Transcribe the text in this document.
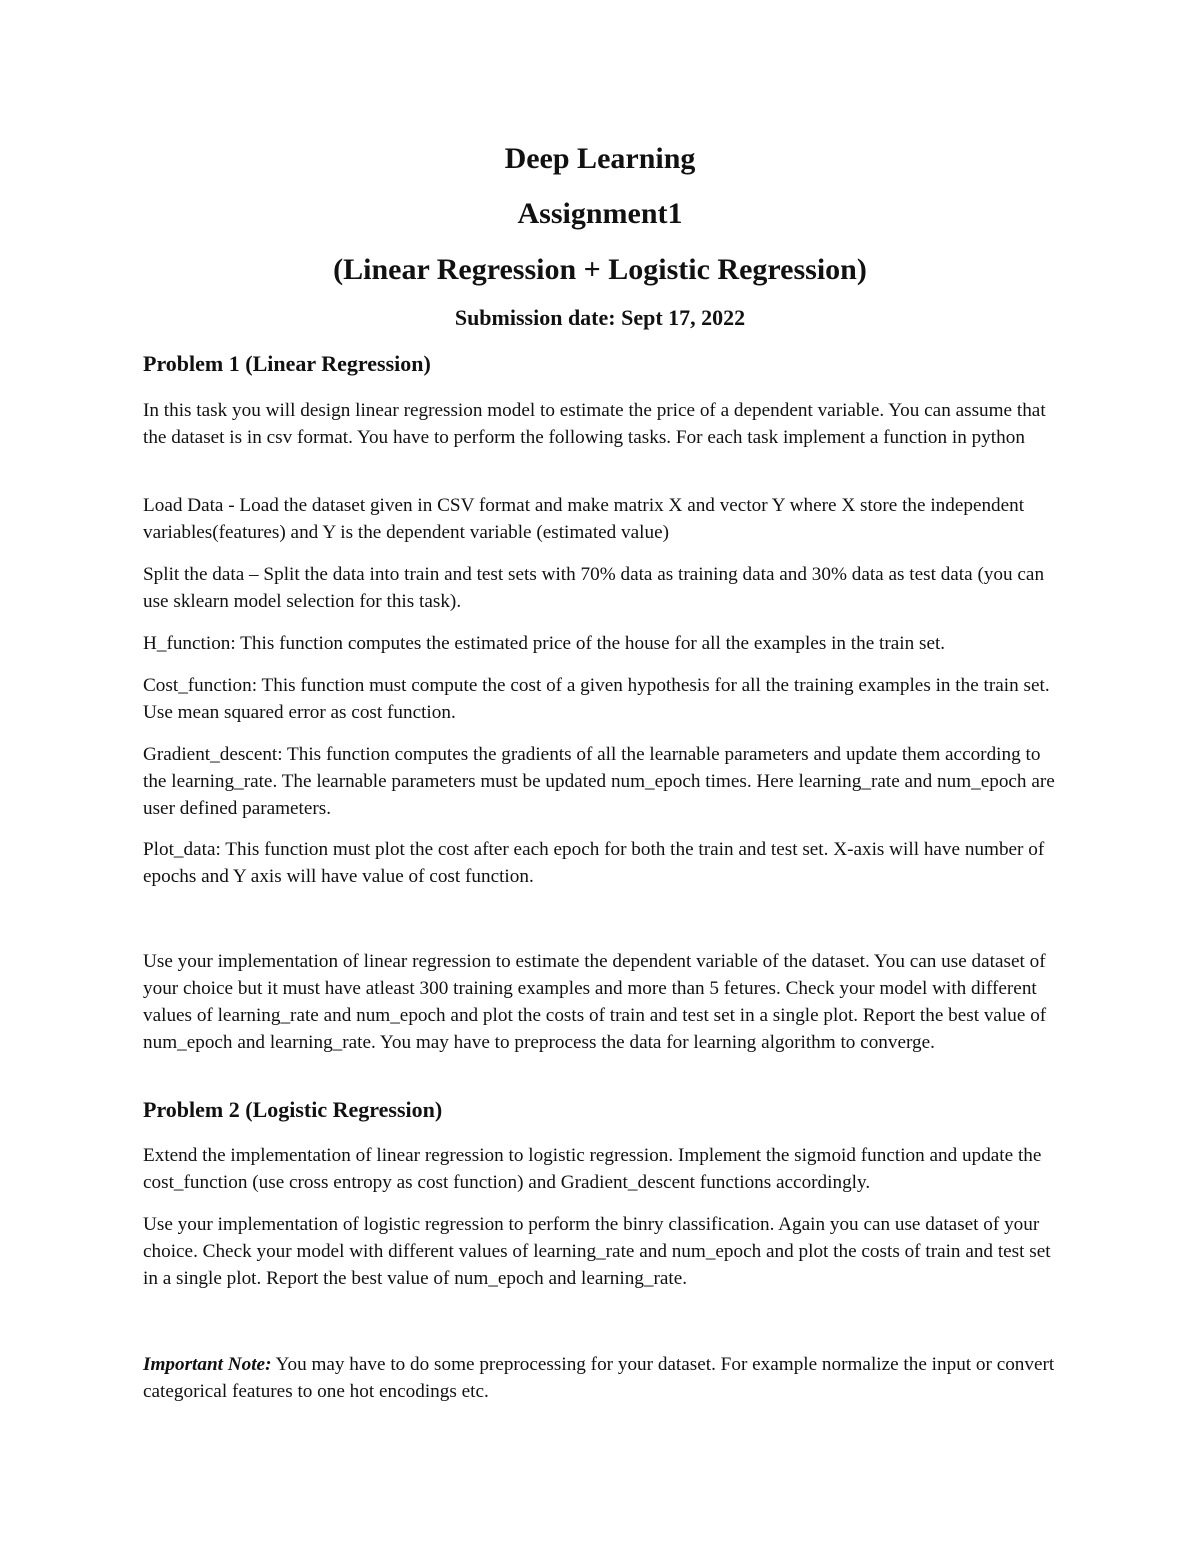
Deep Learning
Assignment1
(Linear Regression + Logistic Regression)
Submission date: Sept 17, 2022
Problem 1 (Linear Regression)

In this task you will design linear regression model to estimate the price of a dependent variable. You can assume that the dataset is in csv format. You have to perform the following tasks. For each task implement a function in python

Load Data - Load the dataset given in CSV format and make matrix X and vector Y where X store the independent variables(features) and Y is the dependent variable (estimated value)

Split the data – Split the data into train and test sets with 70% data as training data and 30% data as test data (you can use sklearn model selection for this task).

H_function: This function computes the estimated price of the house for all the examples in the train set.

Cost_function: This function must compute the cost of a given hypothesis for all the training examples in the train set. Use mean squared error as cost function.

Gradient_descent: This function computes the gradients of all the learnable parameters and update them according to the learning_rate. The learnable parameters must be updated num_epoch times. Here learning_rate and num_epoch are user defined parameters.

Plot_data: This function must plot the cost after each epoch for both the train and test set. X-axis will have number of epochs and Y axis will have value of cost function.

Use your implementation of linear regression to estimate the dependent variable of the dataset. You can use dataset of your choice but it must have atleast 300 training examples and more than 5 fetures. Check your model with different values of learning_rate and num_epoch and plot the costs of train and test set in a single plot. Report the best value of num_epoch and learning_rate. You may have to preprocess the data for learning algorithm to converge.

Problem 2 (Logistic Regression)

Extend the implementation of linear regression to logistic regression. Implement the sigmoid function and update the cost_function (use cross entropy as cost function) and Gradient_descent functions accordingly.

Use your implementation of logistic regression to perform the binry classification. Again you can use dataset of your choice. Check your model with different values of learning_rate and num_epoch and plot the costs of train and test set in a single plot. Report the best value of num_epoch and learning_rate.

Important Note: You may have to do some preprocessing for your dataset. For example normalize the input or convert categorical features to one hot encodings etc.
